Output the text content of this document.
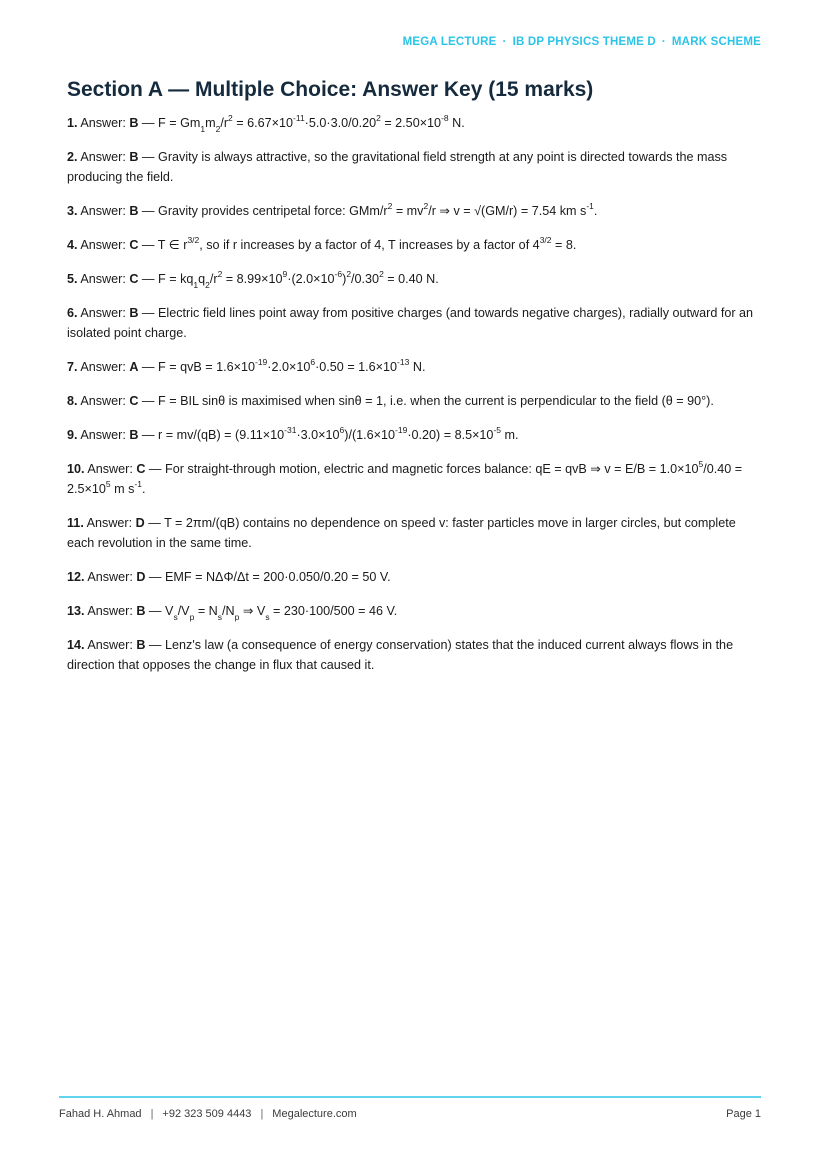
MEGA LECTURE · IB DP PHYSICS THEME D · MARK SCHEME
Section A — Multiple Choice: Answer Key (15 marks)

1. Answer: B — $F = Gm_1m_2/r^2 = 6.67\times 10^{-11}\cdot 5.0\cdot 3.0/0.20^2 = 2.50\times 10^{-8}$ N.

2. Answer: B — Gravity is always attractive, so the gravitational field strength at any point is directed towards the mass producing the field.

3. Answer: B — Gravity provides centripetal force: GMm/$r^2 = mv^2/r$ ⇒ v = √(GM/r) = 7.54 km $s^{-1}$.

4. Answer: C — T ∈ $r^{3/2}$, so if r increases by a factor of 4, T increases by a factor of $4^{3/2} = 8$.

5. Answer: C — $F = kq_1q_2/r^2 = 8.99\times 10^9\cdot(2.0\times 10^{-6})^2/0.30^2 = 0.40$ N.

6. Answer: B — Electric field lines point away from positive charges (and towards negative charges), radially outward for an isolated point charge.

7. Answer: A — F = qvB = $1.6\times 10^{-19}\cdot 2.0\times 10^6\cdot 0.50 = 1.6\times 10^{-13}$ N.

8. Answer: C — F = BIL sinθ is maximised when sinθ = 1, i.e. when the current is perpendicular to the field (θ = 90°).

9. Answer: B — $r = mv/(qB) = (9.11\times 10^{-31}\cdot 3.0\times 10^6)/(1.6\times 10^{-19}\cdot 0.20) = 8.5\times 10^{-5}$ m.

10. Answer: C — For straight-through motion, electric and magnetic forces balance: qE = qvB ⇒ $v = E/B = 1.0\times 10^5/0.40 = 2.5\times 10^5$ m $s^{-1}$.

11. Answer: D — T = 2πm/(qB) contains no dependence on speed v: faster particles move in larger circles, but complete each revolution in the same time.

12. Answer: D — EMF = NΔΦ/Δt = 200·0.050/0.20 = 50 V.

13. Answer: B — $V_s/V_p = N_s/N_p$ ⇒ $V_s = 230\cdot 100/500 = 46$ V.

14. Answer: B — Lenz's law (a consequence of energy conservation) states that the induced current always flows in the direction that opposes the change in flux that caused it.

Fahad H. Ahmad | +92 323 509 4443 | Megalecture.com	Page 1
